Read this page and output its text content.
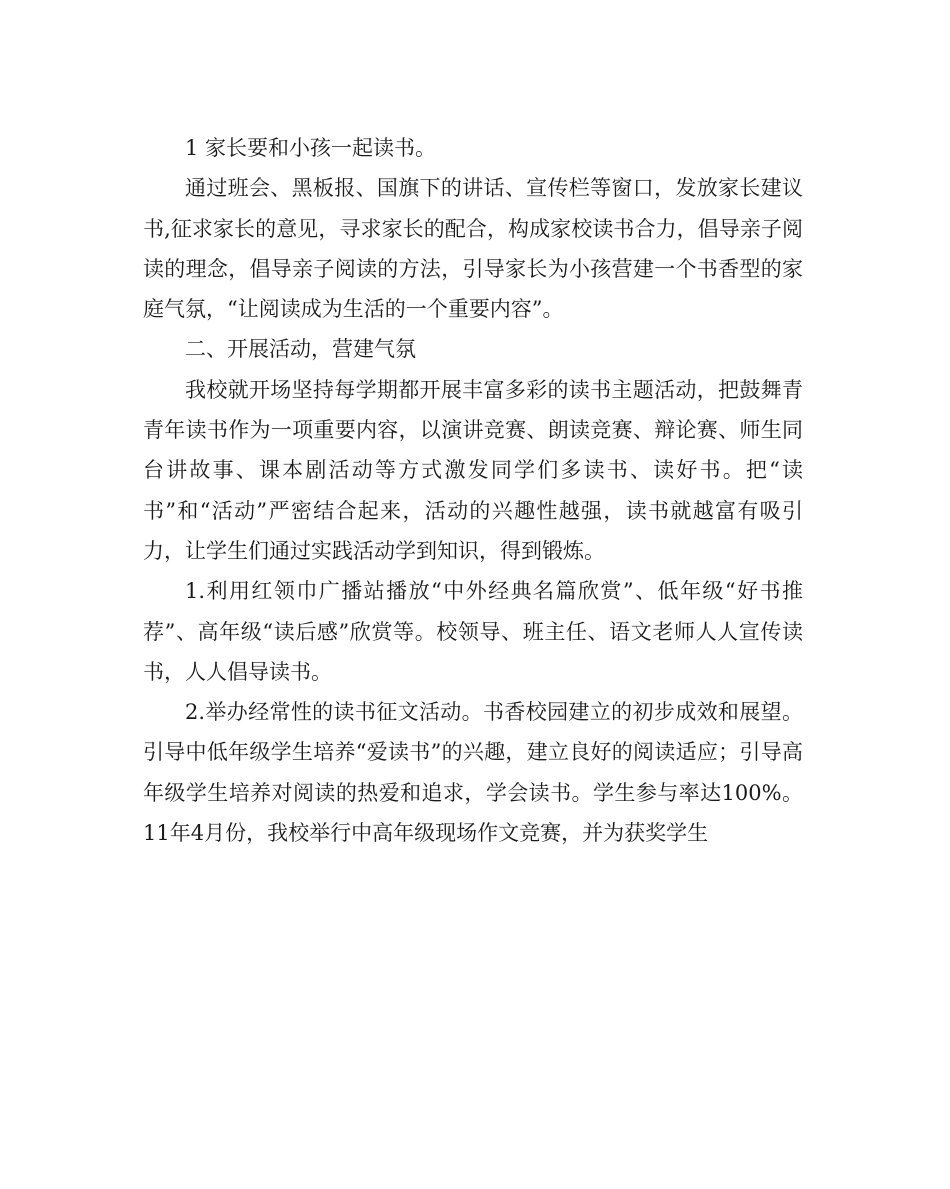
1 家长要和小孩一起读书。

通过班会、黑板报、国旗下的讲话、宣传栏等窗口，发放家长建议书,征求家长的意见，寻求家长的配合，构成家校读书合力，倡导亲子阅读的理念，倡导亲子阅读的方法，引导家长为小孩营建一个书香型的家庭气氛，“让阅读成为生活的一个重要内容”。

二、开展活动，营建气氛

我校就开场坚持每学期都开展丰富多彩的读书主题活动，把鼓舞青青年读书作为一项重要内容，以演讲竞赛、朗读竞赛、辩论赛、师生同台讲故事、课本剧活动等方式激发同学们多读书、读好书。把“读书”和“活动”严密结合起来，活动的兴趣性越强，读书就越富有吸引力，让学生们通过实践活动学到知识，得到锻炼。

1.利用红领巾广播站播放“中外经典名篇欣赏”、低年级“好书推荐”、高年级“读后感”欣赏等。校领导、班主任、语文老师人人宣传读书，人人倡导读书。

2.举办经常性的读书征文活动。书香校园建立的初步成效和展望。引导中低年级学生培养“爱读书”的兴趣，建立良好的阅读适应；引导高年级学生培养对阅读的热爱和追求，学会读书。学生参与率达100%。11年4月份，我校举行中高年级现场作文竞赛，并为获奖学生
